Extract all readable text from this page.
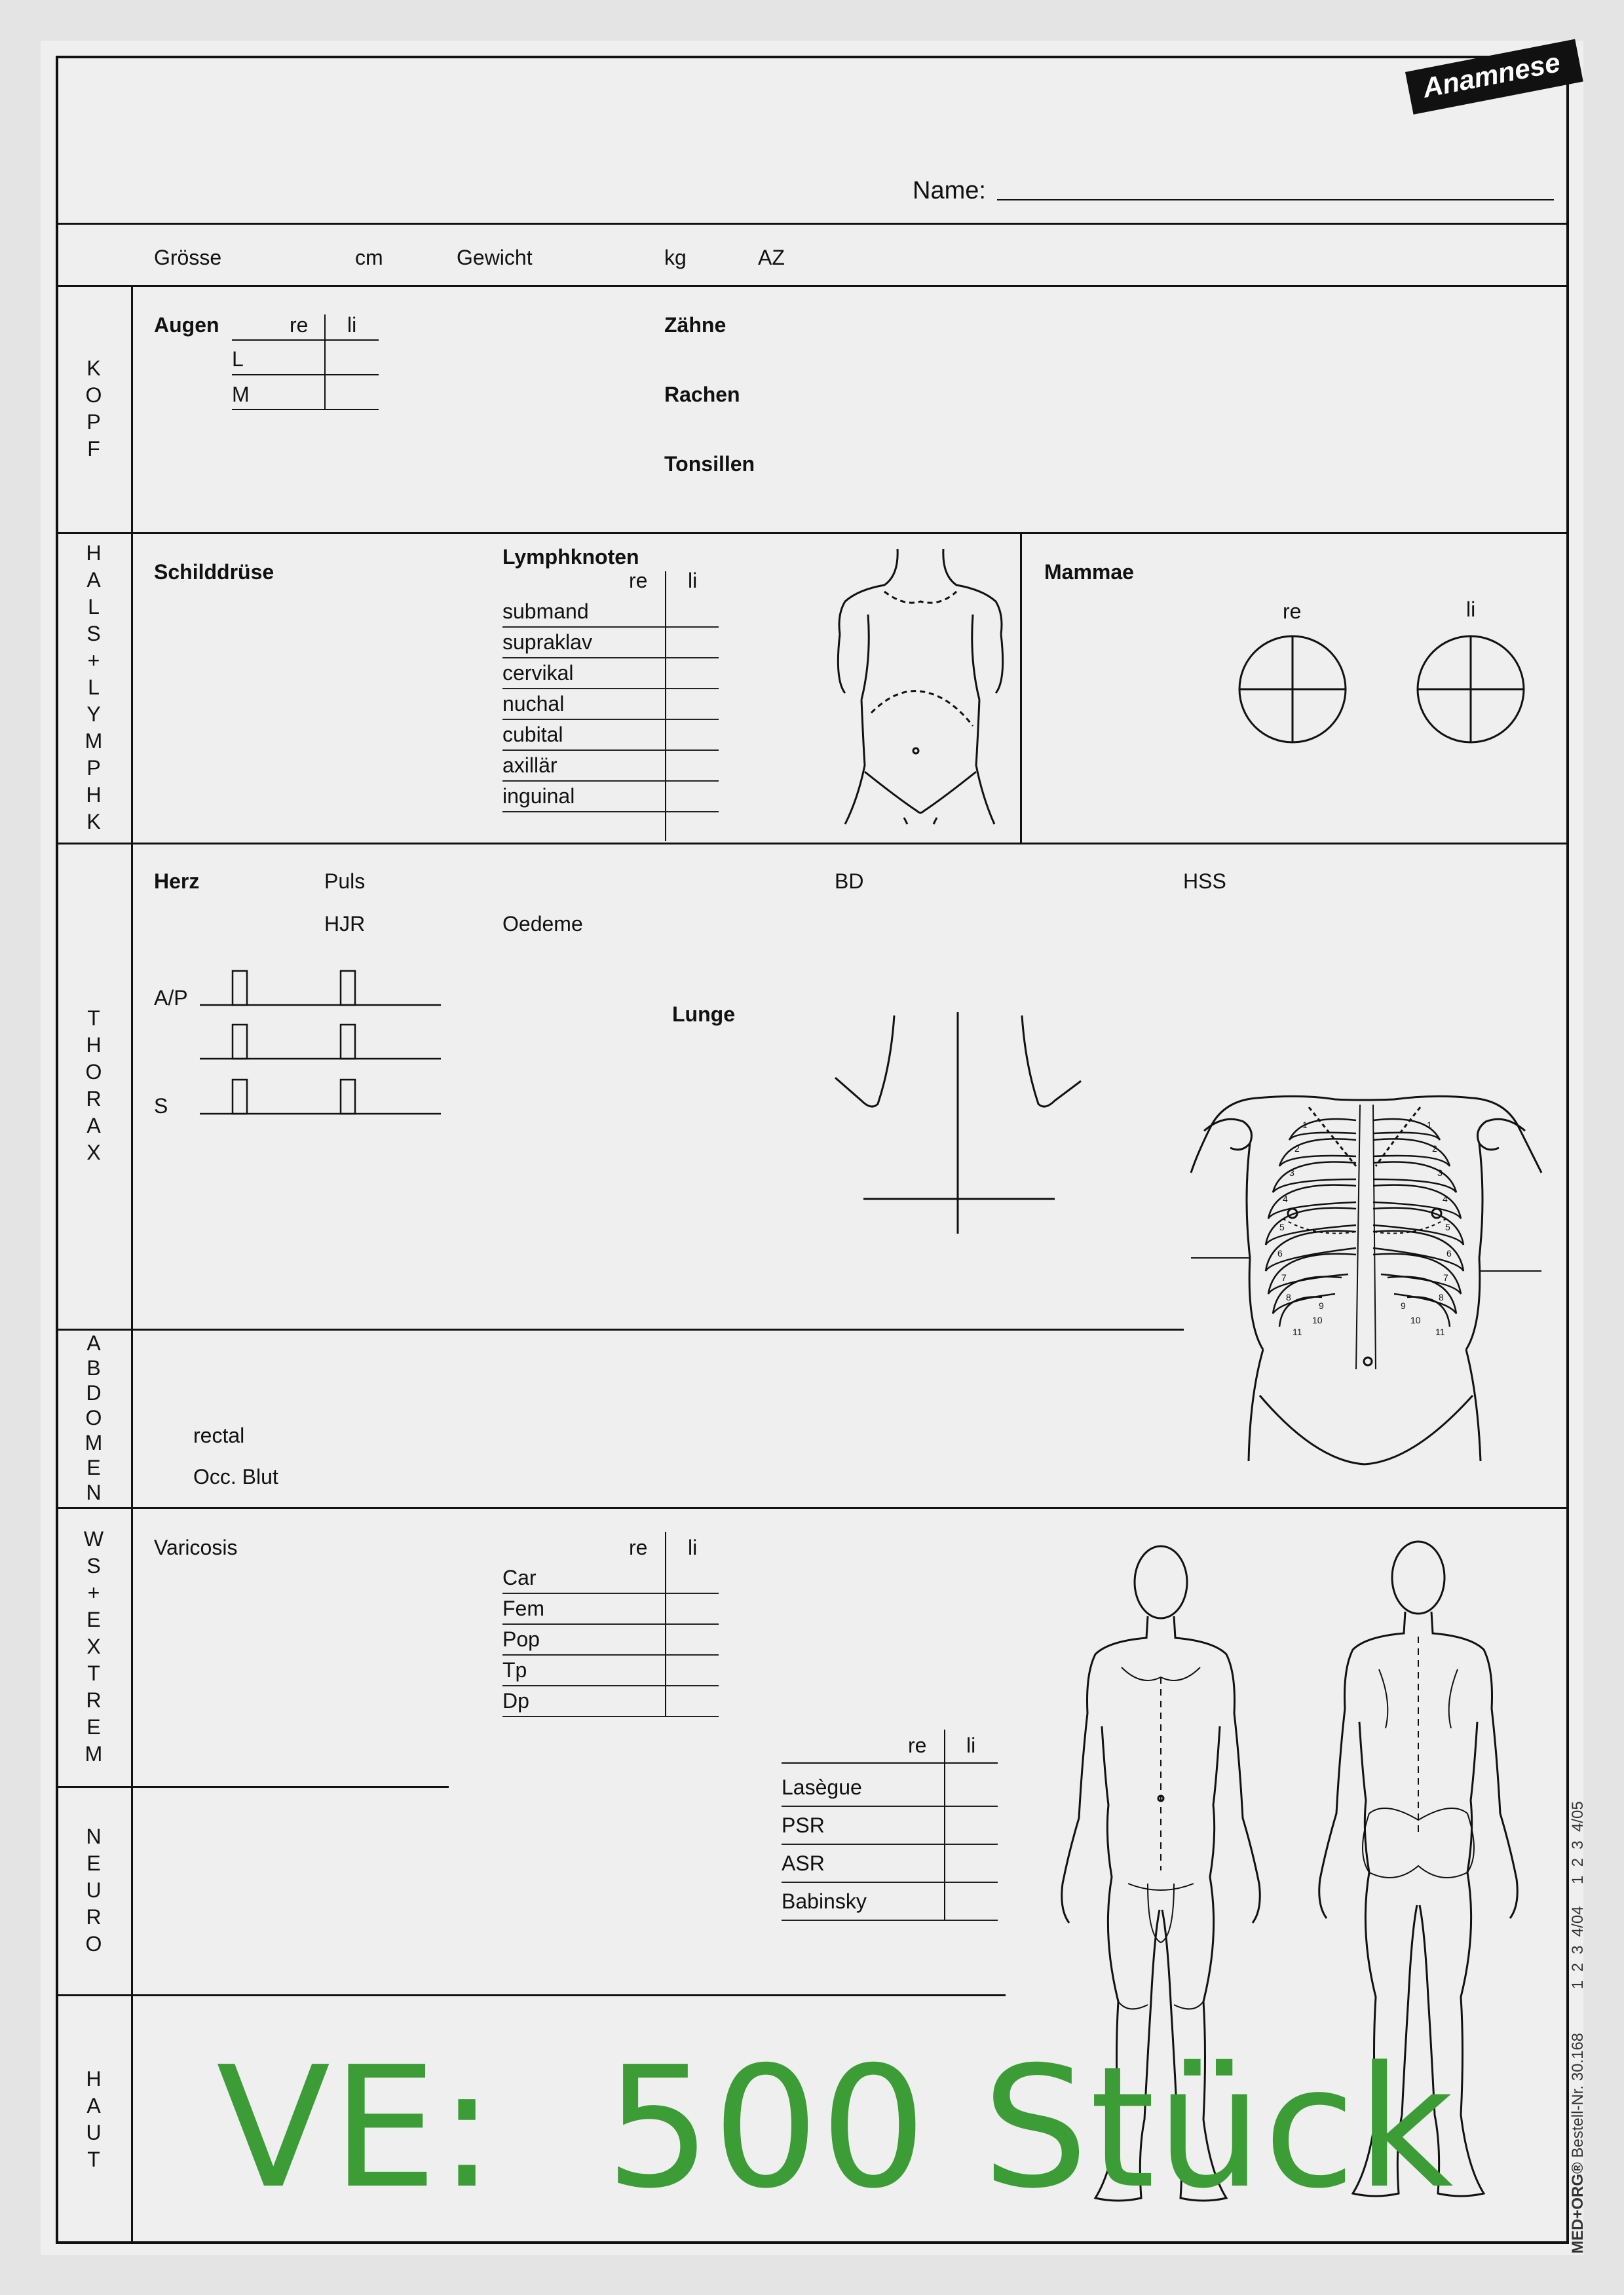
Anamnese
Name:
Grösse	cm	Gewicht	kg	AZ
K
O
P
F
H
A
L
S
+
L
Y
M
P
H
K
T
H
O
R
A
X
A
B
D
O
M
E
N
W
S
+
E
X
T
R
E
M
N
E
U
R
O
H
A
U
T
Augen	re li
L
M
Zähne
Rachen
Tonsillen
Schilddrüse
Lymphknoten
re li
submand
supraklav
cervikal
nuchal
cubital
axillär
inguinal
Mammae
re	li
Herz	Puls	BD	HSS
HJR	Oedeme
A/P
S
Lunge
1	1
2	2
3	3
4	4
5	5
6	6
7	7
8	8
9	9
10	10
11	11
rectal
Occ. Blut
Varicosis	re li
Car
Fem
Pop
Tp
Dp
re li
Lasègue
PSR
ASR
Babinsky
VE:  500 Stück	MED+ORG® Bestell-Nr. 30.168          1  2  3  4/04     1  2  3  4/05
